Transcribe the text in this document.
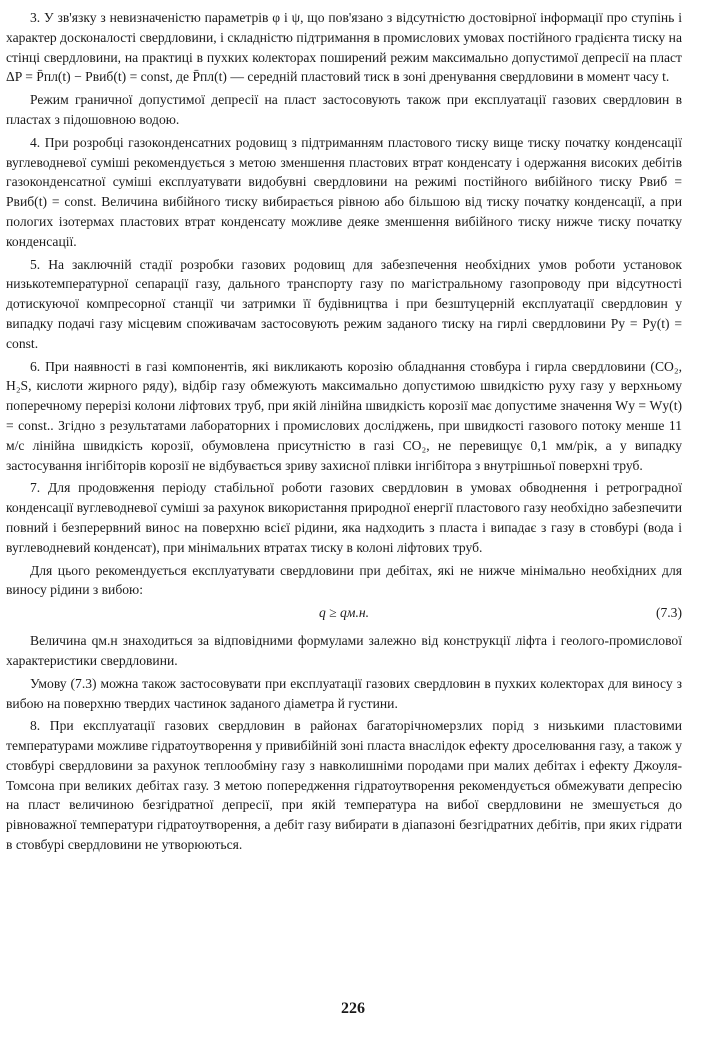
3. У зв'язку з невизначеністю параметрів φ і ψ, що пов'язано з відсутністю достовірної інформації про ступінь і характер досконалості свердловини, і складністю підтримання в промислових умовах постійного градієнта тиску на стінці свердловини, на практиці в пухких колекторах поширений режим максимально допустимої депресії на пласт ΔP = P̄пл(t) − Pвиб(t) = const, де P̄пл(t) — середній пластовий тиск в зоні дренування свердловини в момент часу t.

Режим граничної допустимої депресії на пласт застосовують також при експлуатації газових свердловин в пластах з підошовною водою.

4. При розробці газоконденсатних родовищ з підтриманням пластового тиску вище тиску початку конденсації вуглеводневої суміші рекомендується з метою зменшення пластових втрат конденсату і одержання високих дебітів газоконденсатної суміші експлуатувати видобувні свердловини на режимі постійного вибійного тиску Pвиб = Pвиб(t) = const. Величина вибійного тиску вибирається рівною або більшою від тиску початку конденсації, а при пологих ізотермах пластових втрат конденсату можливе деяке зменшення вибійного тиску нижче тиску початку конденсації.

5. На заключній стадії розробки газових родовищ для забезпечення необхідних умов роботи установок низькотемпературної сепарації газу, дального транспорту газу по магістральному газопроводу при відсутності дотискуючої компресорної станції чи затримки її будівництва і при безштуцерній експлуатації свердловин у випадку подачі газу місцевим споживачам застосовують режим заданого тиску на гирлі свердловини Pу = Pу(t) = const.

6. При наявності в газі компонентів, які викликають корозію обладнання стовбура і гирла свердловини (CO₂, H₂S, кислоти жирного ряду), відбір газу обмежують максимально допустимою швидкістю руху газу у верхньому поперечному перерізі колони ліфтових труб, при якій лінійна швидкість корозії має допустиме значення Wу = Wу(t) = const.. Згідно з результатами лабораторних і промислових досліджень, при швидкості газового потоку менше 11 м/с лінійна швидкість корозії, обумовлена присутністю в газі CO₂, не перевищує 0,1 мм/рік, а у випадку застосування інгібіторів корозії не відбувається зриву захисної плівки інгібітора з внутрішньої поверхні труб.

7. Для продовження періоду стабільної роботи газових свердловин в умовах обводнення і ретроградної конденсації вуглеводневої суміші за рахунок використання природної енергії пластового газу необхідно забезпечити повний і безперервний винос на поверхню всієї рідини, яка надходить з пласта і випадає з газу в стовбурі (вода і вуглеводневий конденсат), при мінімальних втратах тиску в колоні ліфтових труб.

Для цього рекомендується експлуатувати свердловини при дебітах, які не нижче мінімально необхідних для виносу рідини з вибою:

q ≥ qм.н.	(7.3)

Величина qм.н знаходиться за відповідними формулами залежно від конструкції ліфта і геолого-промислової характеристики свердловини.

Умову (7.3) можна також застосовувати при експлуатації газових свердловин в пухких колекторах для виносу з вибою на поверхню твердих частинок заданого діаметра й густини.

8. При експлуатації газових свердловин в районах багаторічномерзлих порід з низькими пластовими температурами можливе гідратоутворення у привибійній зоні пласта внаслідок ефекту дроселювання газу, а також у стовбурі свердловини за рахунок теплообміну газу з навколишніми породами при малих дебітах і ефекту Джоуля-Томсона при великих дебітах газу. З метою попередження гідратоутворення рекомендується обмежувати депресію на пласт величиною безгідратної депресії, при якій температура на вибої свердловини не змешується до рівноважної температури гідратоутворення, а дебіт газу вибирати в діапазоні безгідратних дебітів, при яких гідрати в стовбурі свердловини не утворюються.

226
